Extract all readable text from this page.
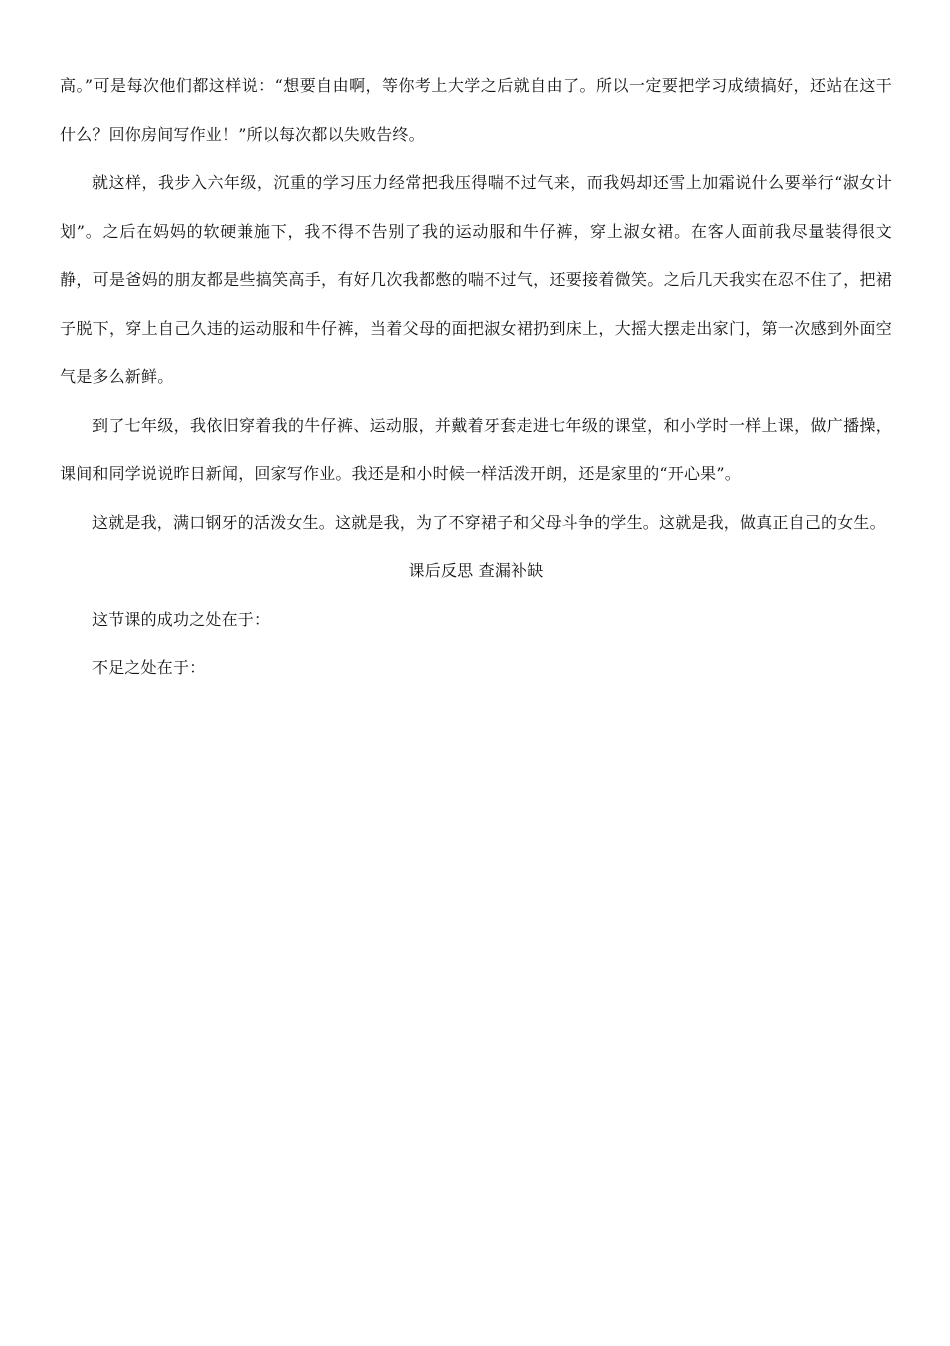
高。”可是每次他们都这样说：“想要自由啊，等你考上大学之后就自由了。所以一定要把学习成绩搞好，还站在这干什么？回你房间写作业！”所以每次都以失败告终。

就这样，我步入六年级，沉重的学习压力经常把我压得喘不过气来，而我妈却还雪上加霜说什么要举行“淑女计划”。之后在妈妈的软硬兼施下，我不得不告别了我的运动服和牛仔裤，穿上淑女裙。在客人面前我尽量装得很文静，可是爸妈的朋友都是些搞笑高手，有好几次我都憋的喘不过气，还要接着微笑。之后几天我实在忍不住了，把裙子脱下，穿上自己久违的运动服和牛仔裤，当着父母的面把淑女裙扔到床上，大摇大摆走出家门，第一次感到外面空气是多么新鲜。

到了七年级，我依旧穿着我的牛仔裤、运动服，并戴着牙套走进七年级的课堂，和小学时一样上课，做广播操，课间和同学说说昨日新闻，回家写作业。我还是和小时候一样活泼开朗，还是家里的“开心果”。

这就是我，满口钢牙的活泼女生。这就是我，为了不穿裙子和父母斗争的学生。这就是我，做真正自己的女生。

课后反思 查漏补缺

这节课的成功之处在于：

不足之处在于：
